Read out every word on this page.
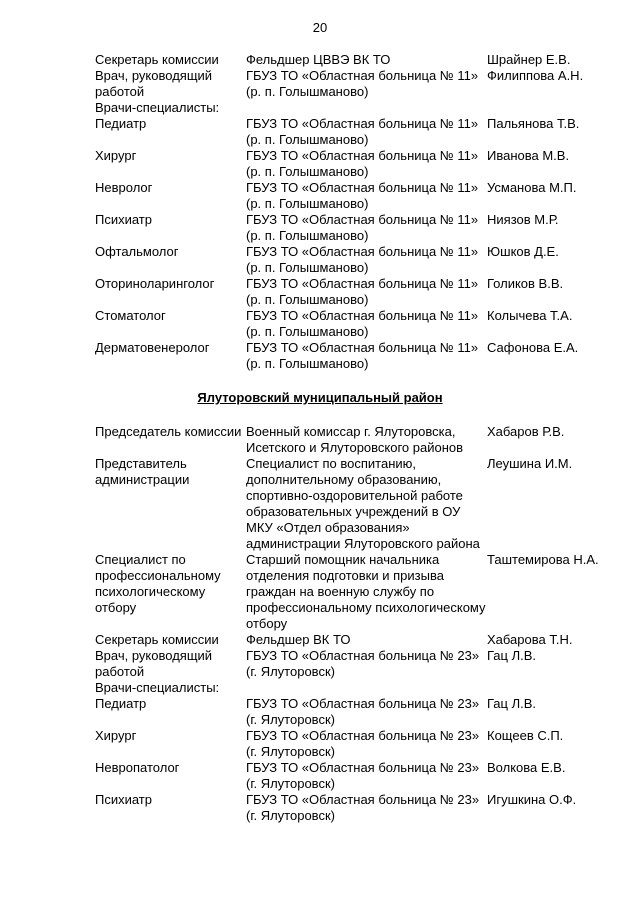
20
Секретарь комиссии	Фельдшер ЦВВЭ ВК ТО	Шрайнер Е.В.
Врач, руководящий работой	ГБУЗ ТО «Областная больница № 11» (р. п. Голышманово)	Филиппова А.Н.
Врачи-специалисты:		
Педиатр	ГБУЗ ТО «Областная больница № 11» (р. п. Голышманово)	Пальянова Т.В.
Хирург	ГБУЗ ТО «Областная больница № 11» (р. п. Голышманово)	Иванова М.В.
Невролог	ГБУЗ ТО «Областная больница № 11» (р. п. Голышманово)	Усманова М.П.
Психиатр	ГБУЗ ТО «Областная больница № 11» (р. п. Голышманово)	Ниязов М.Р.
Офтальмолог	ГБУЗ ТО «Областная больница № 11» (р. п. Голышманово)	Юшков Д.Е.
Оториноларинголог	ГБУЗ ТО «Областная больница № 11» (р. п. Голышманово)	Голиков В.В.
Стоматолог	ГБУЗ ТО «Областная больница № 11» (р. п. Голышманово)	Колычева Т.А.
Дерматовенеролог	ГБУЗ ТО «Областная больница № 11» (р. п. Голышманово)	Сафонова Е.А.
Ялуторовский муниципальный район
Председатель комиссии	Военный комиссар г. Ялуторовска, Исетского и Ялуторовского районов	Хабаров Р.В.
Представитель администрации	Специалист по воспитанию, дополнительному образованию, спортивно-оздоровительной работе образовательных учреждений в ОУ МКУ «Отдел образования» администрации Ялуторовского района	Леушина И.М.
Специалист по профессиональному психологическому отбору	Старший помощник начальника отделения подготовки и призыва граждан на военную службу по профессиональному психологическому отбору	Таштемирова Н.А.
Секретарь комиссии	Фельдшер ВК ТО	Хабарова Т.Н.
Врач, руководящий работой	ГБУЗ ТО «Областная больница № 23» (г. Ялуторовск)	Гац Л.В.
Врачи-специалисты:		
Педиатр	ГБУЗ ТО «Областная больница № 23» (г. Ялуторовск)	Гац Л.В.
Хирург	ГБУЗ ТО «Областная больница № 23» (г. Ялуторовск)	Кощеев С.П.
Невропатолог	ГБУЗ ТО «Областная больница № 23» (г. Ялуторовск)	Волкова Е.В.
Психиатр	ГБУЗ ТО «Областная больница № 23» (г. Ялуторовск)	Игушкина О.Ф.
